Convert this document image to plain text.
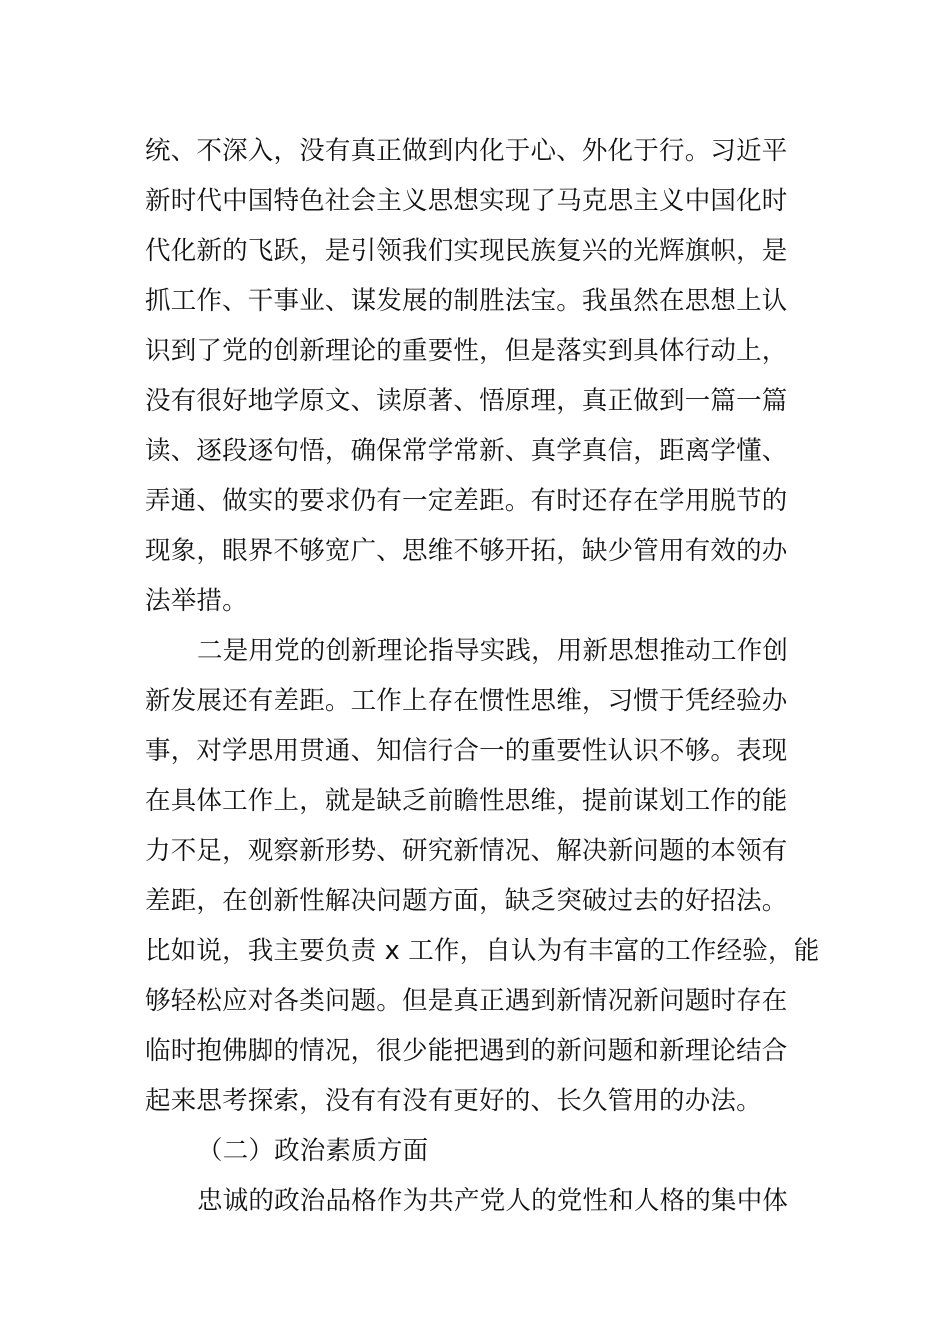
统、不深入，没有真正做到内化于心、外化于行。习近平
新时代中国特色社会主义思想实现了马克思主义中国化时
代化新的飞跃，是引领我们实现民族复兴的光辉旗帜，是
抓工作、干事业、谋发展的制胜法宝。我虽然在思想上认
识到了党的创新理论的重要性，但是落实到具体行动上，
没有很好地学原文、读原著、悟原理，真正做到一篇一篇
读、逐段逐句悟，确保常学常新、真学真信，距离学懂、
弄通、做实的要求仍有一定差距。有时还存在学用脱节的
现象，眼界不够宽广、思维不够开拓，缺少管用有效的办
法举措。
二是用党的创新理论指导实践，用新思想推动工作创
新发展还有差距。工作上存在惯性思维，习惯于凭经验办
事，对学思用贯通、知信行合一的重要性认识不够。表现
在具体工作上，就是缺乏前瞻性思维，提前谋划工作的能
力不足，观察新形势、研究新情况、解决新问题的本领有
差距，在创新性解决问题方面，缺乏突破过去的好招法。
比如说，我主要负责 x 工作，自认为有丰富的工作经验，能
够轻松应对各类问题。但是真正遇到新情况新问题时存在
临时抱佛脚的情况，很少能把遇到的新问题和新理论结合
起来思考探索，没有有没有更好的、长久管用的办法。
（二）政治素质方面
忠诚的政治品格作为共产党人的党性和人格的集中体
